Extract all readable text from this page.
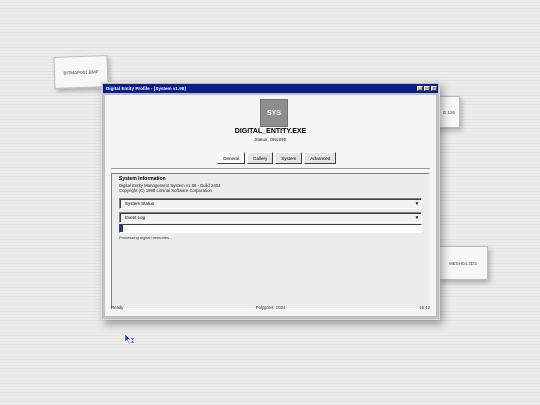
BITMAP001.BMP
E 126
MESH04.3DS
Digital Entity Profile - [System v1.98]	_	□	×
SYS
DIGITAL_ENTITY.EXE
Status: ONLINE
General	Gallery	System	Advanced
System Information
Digital Entity Management System v1.98 - Build 2404
Copyright (C) 1998 Liminal Software Corporation
System Status	▼
Event Log	▼
Processing digital memories...
Ready	Polygons: 1024	15:42
